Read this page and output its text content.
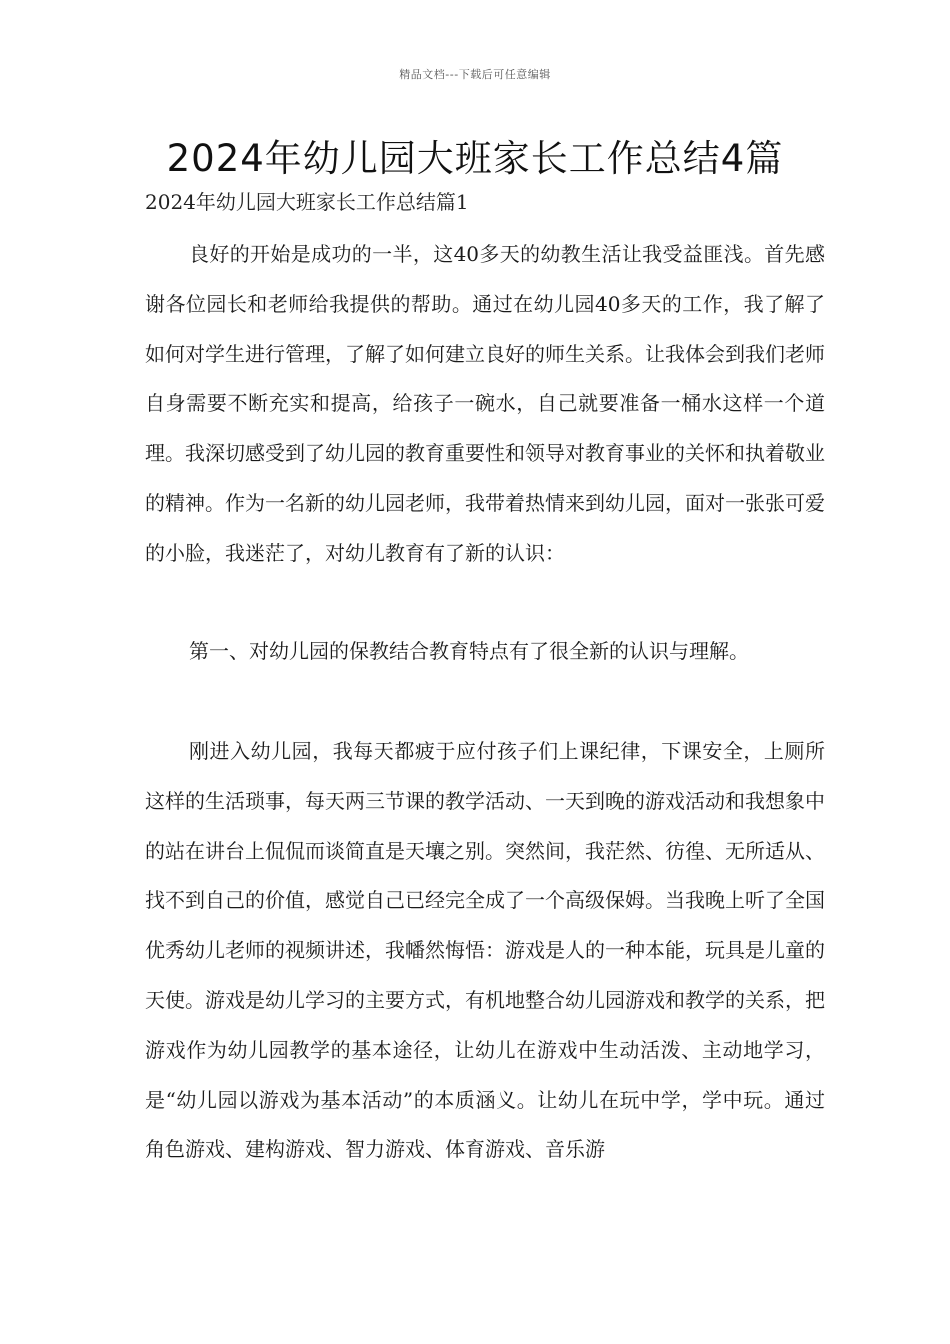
精品文档---下载后可任意编辑
2024年幼儿园大班家长工作总结4篇
2024年幼儿园大班家长工作总结篇1

良好的开始是成功的一半，这40多天的幼教生活让我受益匪浅。首先感谢各位园长和老师给我提供的帮助。通过在幼儿园40多天的工作，我了解了如何对学生进行管理，了解了如何建立良好的师生关系。让我体会到我们老师自身需要不断充实和提高，给孩子一碗水，自己就要准备一桶水这样一个道理。我深切感受到了幼儿园的教育重要性和领导对教育事业的关怀和执着敬业的精神。作为一名新的幼儿园老师，我带着热情来到幼儿园，面对一张张可爱的小脸，我迷茫了，对幼儿教育有了新的认识：

第一、对幼儿园的保教结合教育特点有了很全新的认识与理解。

刚进入幼儿园，我每天都疲于应付孩子们上课纪律，下课安全，上厕所这样的生活琐事，每天两三节课的教学活动、一天到晚的游戏活动和我想象中的站在讲台上侃侃而谈简直是天壤之别。突然间，我茫然、彷徨、无所适从、找不到自己的价值，感觉自己已经完全成了一个高级保姆。当我晚上听了全国优秀幼儿老师的视频讲述，我幡然悔悟：游戏是人的一种本能，玩具是儿童的天使。游戏是幼儿学习的主要方式，有机地整合幼儿园游戏和教学的关系，把游戏作为幼儿园教学的基本途径，让幼儿在游戏中生动活泼、主动地学习，是“幼儿园以游戏为基本活动”的本质涵义。让幼儿在玩中学，学中玩。通过角色游戏、建构游戏、智力游戏、体育游戏、音乐游
